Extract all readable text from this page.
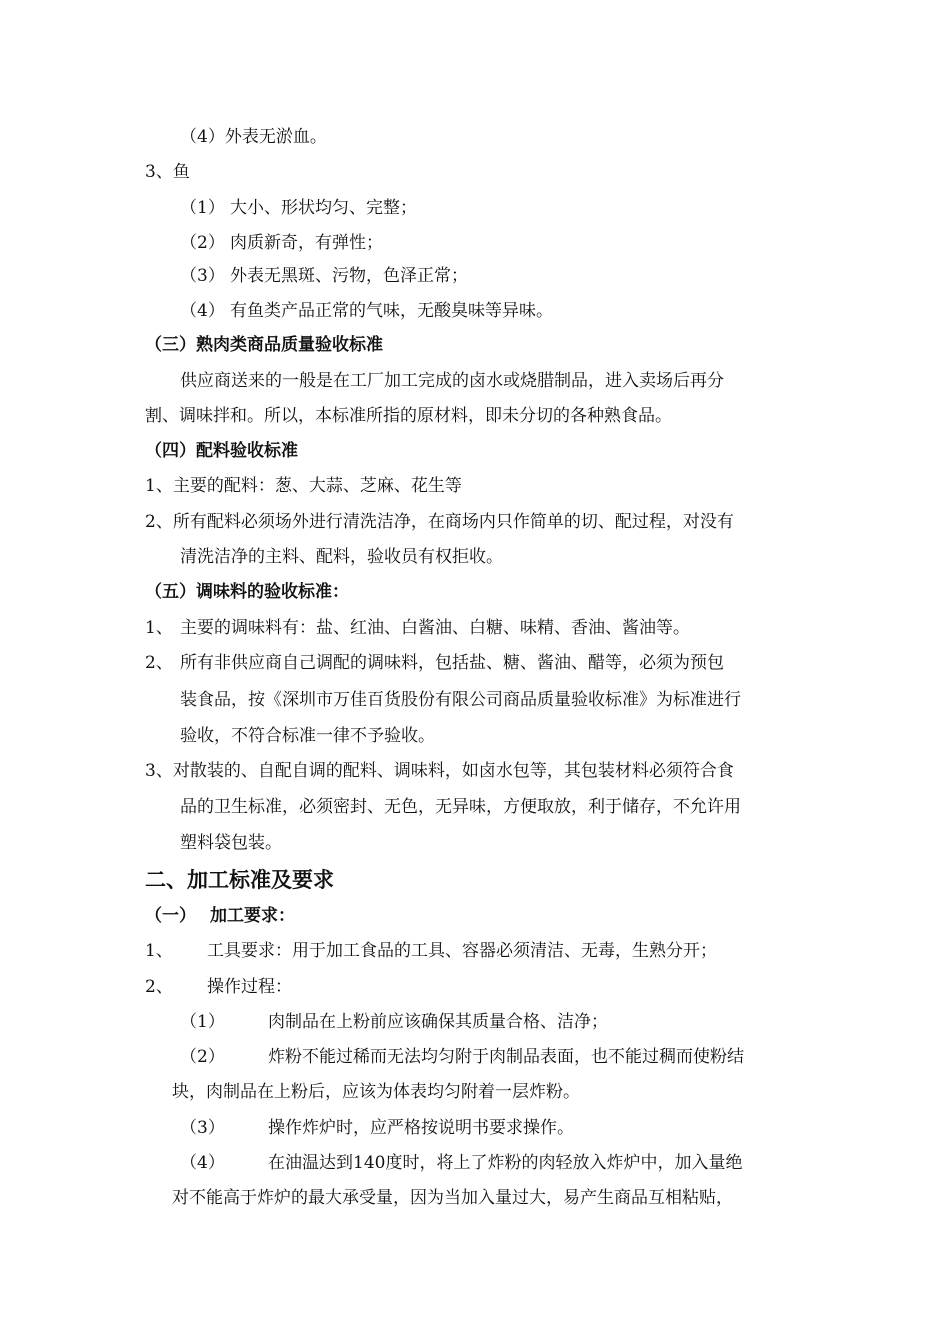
（4）外表无淤血。
3、鱼
（1） 大小、形状均匀、完整；
（2） 肉质新奇，有弹性；
（3） 外表无黑斑、污物，色泽正常；
（4） 有鱼类产品正常的气味，无酸臭味等异味。
（三）熟肉类商品质量验收标准
供应商送来的一般是在工厂加工完成的卤水或烧腊制品，进入卖场后再分
割、调味拌和。所以，本标准所指的原材料，即未分切的各种熟食品。
（四）配料验收标准
1、主要的配料：葱、大蒜、芝麻、花生等
2、所有配料必须场外进行清洗洁净，在商场内只作简单的切、配过程，对没有
清洗洁净的主料、配料，验收员有权拒收。
（五）调味料的验收标准：
1、 主要的调味料有：盐、红油、白酱油、白糖、味精、香油、酱油等。
2、 所有非供应商自己调配的调味料，包括盐、糖、酱油、醋等，必须为预包
装食品，按《深圳市万佳百货股份有限公司商品质量验收标准》为标准进行
验收，不符合标准一律不予验收。
3、对散装的、自配自调的配料、调味料，如卤水包等，其包装材料必须符合食
品的卫生标准，必须密封、无色，无异味，方便取放，利于储存，不允许用
塑料袋包装。
二、加工标准及要求
（一） 加工要求：
1、 工具要求：用于加工食品的工具、容器必须清洁、无毒，生熟分开；
2、 操作过程：
（1）	肉制品在上粉前应该确保其质量合格、洁净；
（2）	炸粉不能过稀而无法均匀附于肉制品表面，也不能过稠而使粉结
块，肉制品在上粉后，应该为体表均匀附着一层炸粉。
（3）	操作炸炉时，应严格按说明书要求操作。
（4）	在油温达到140度时，将上了炸粉的肉轻放入炸炉中，加入量绝
对不能高于炸炉的最大承受量，因为当加入量过大，易产生商品互相粘贴，
